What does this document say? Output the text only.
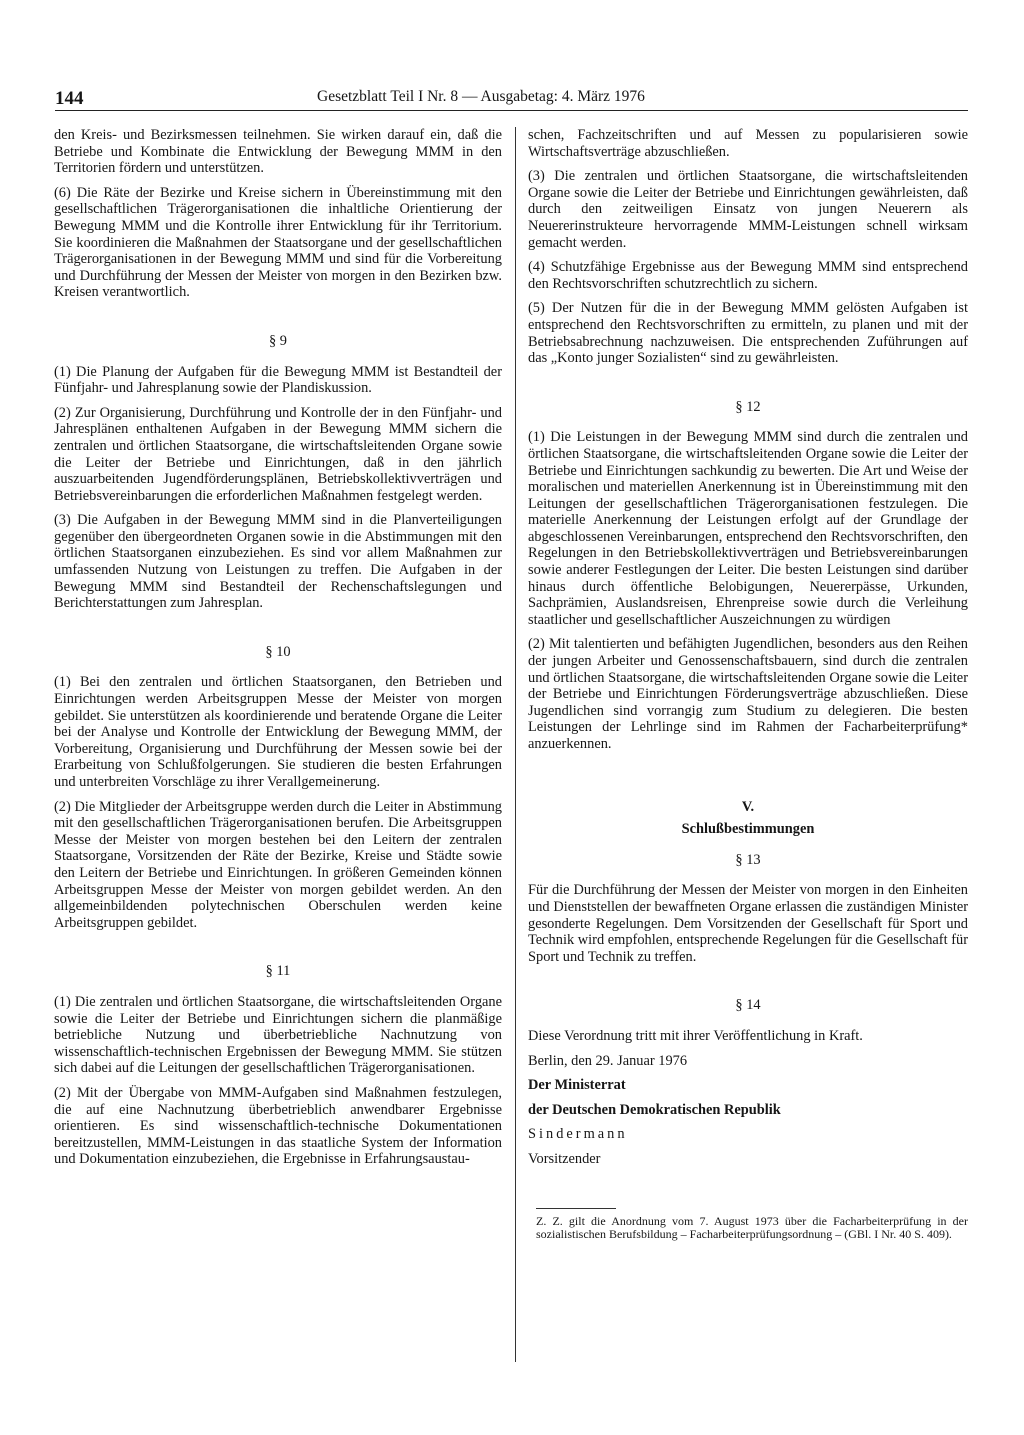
144	Gesetzblatt Teil I Nr. 8 — Ausgabetag: 4. März 1976

den Kreis- und Bezirksmessen teilnehmen. Sie wirken darauf ein, daß die Betriebe und Kombinate die Entwicklung der Bewegung MMM in den Territorien fördern und unterstützen.

(6) Die Räte der Bezirke und Kreise sichern in Übereinstimmung mit den gesellschaftlichen Trägerorganisationen die inhaltliche Orientierung der Bewegung MMM und die Kontrolle ihrer Entwicklung für ihr Territorium. Sie koordinieren die Maßnahmen der Staatsorgane und der gesellschaftlichen Trägerorganisationen in der Bewegung MMM und sind für die Vorbereitung und Durchführung der Messen der Meister von morgen in den Bezirken bzw. Kreisen verantwortlich.

§ 9

(1) Die Planung der Aufgaben für die Bewegung MMM ist Bestandteil der Fünfjahr- und Jahresplanung sowie der Plandiskussion.

(2) Zur Organisierung, Durchführung und Kontrolle der in den Fünfjahr- und Jahresplänen enthaltenen Aufgaben in der Bewegung MMM sichern die zentralen und örtlichen Staatsorgane, die wirtschaftsleitenden Organe sowie die Leiter der Betriebe und Einrichtungen, daß in den jährlich auszuarbeitenden Jugendförderungsplänen, Betriebskollektivverträgen und Betriebsvereinbarungen die erforderlichen Maßnahmen festgelegt werden.

(3) Die Aufgaben in der Bewegung MMM sind in die Planverteiligungen gegenüber den übergeordneten Organen sowie in die Abstimmungen mit den örtlichen Staatsorganen einzubeziehen. Es sind vor allem Maßnahmen zur umfassenden Nutzung von Leistungen zu treffen. Die Aufgaben in der Bewegung MMM sind Bestandteil der Rechenschaftslegungen und Berichterstattungen zum Jahresplan.

§ 10

(1) Bei den zentralen und örtlichen Staatsorganen, den Betrieben und Einrichtungen werden Arbeitsgruppen Messe der Meister von morgen gebildet. Sie unterstützen als koordinierende und beratende Organe die Leiter bei der Analyse und Kontrolle der Entwicklung der Bewegung MMM, der Vorbereitung, Organisierung und Durchführung der Messen sowie bei der Erarbeitung von Schlußfolgerungen. Sie studieren die besten Erfahrungen und unterbreiten Vorschläge zu ihrer Verallgemeinerung.

(2) Die Mitglieder der Arbeitsgruppe werden durch die Leiter in Abstimmung mit den gesellschaftlichen Trägerorganisationen berufen. Die Arbeitsgruppen Messe der Meister von morgen bestehen bei den Leitern der zentralen Staatsorgane, Vorsitzenden der Räte der Bezirke, Kreise und Städte sowie den Leitern der Betriebe und Einrichtungen. In größeren Gemeinden können Arbeitsgruppen Messe der Meister von morgen gebildet werden. An den allgemeinbildenden polytechnischen Oberschulen werden keine Arbeitsgruppen gebildet.

§ 11

(1) Die zentralen und örtlichen Staatsorgane, die wirtschaftsleitenden Organe sowie die Leiter der Betriebe und Einrichtungen sichern die planmäßige betriebliche Nutzung und überbetriebliche Nachnutzung von wissenschaftlich-technischen Ergebnissen der Bewegung MMM. Sie stützen sich dabei auf die Leitungen der gesellschaftlichen Trägerorganisationen.

(2) Mit der Übergabe von MMM-Aufgaben sind Maßnahmen festzulegen, die auf eine Nachnutzung überbetrieblich anwendbarer Ergebnisse orientieren. Es sind wissenschaftlich-technische Dokumentationen bereitzustellen, MMM-Leistungen in das staatliche System der Information und Dokumentation einzubeziehen, die Ergebnisse in Erfahrungsaustau-

schen, Fachzeitschriften und auf Messen zu popularisieren sowie Wirtschaftsverträge abzuschließen.

(3) Die zentralen und örtlichen Staatsorgane, die wirtschaftsleitenden Organe sowie die Leiter der Betriebe und Einrichtungen gewährleisten, daß durch den zeitweiligen Einsatz von jungen Neuerern als Neuererinstrukteure hervorragende MMM-Leistungen schnell wirksam gemacht werden.

(4) Schutzfähige Ergebnisse aus der Bewegung MMM sind entsprechend den Rechtsvorschriften schutzrechtlich zu sichern.

(5) Der Nutzen für die in der Bewegung MMM gelösten Aufgaben ist entsprechend den Rechtsvorschriften zu ermitteln, zu planen und mit der Betriebsabrechnung nachzuweisen. Die entsprechenden Zuführungen auf das „Konto junger Sozialisten“ sind zu gewährleisten.

§ 12

(1) Die Leistungen in der Bewegung MMM sind durch die zentralen und örtlichen Staatsorgane, die wirtschaftsleitenden Organe sowie die Leiter der Betriebe und Einrichtungen sachkundig zu bewerten. Die Art und Weise der moralischen und materiellen Anerkennung ist in Übereinstimmung mit den Leitungen der gesellschaftlichen Trägerorganisationen festzulegen. Die materielle Anerkennung der Leistungen erfolgt auf der Grundlage der abgeschlossenen Vereinbarungen, entsprechend den Rechtsvorschriften, den Regelungen in den Betriebskollektivverträgen und Betriebsvereinbarungen sowie anderer Festlegungen der Leiter. Die besten Leistungen sind darüber hinaus durch öffentliche Belobigungen, Neuererpässe, Urkunden, Sachprämien, Auslandsreisen, Ehrenpreise sowie durch die Verleihung staatlicher und gesellschaftlicher Auszeichnungen zu würdigen

(2) Mit talentierten und befähigten Jugendlichen, besonders aus den Reihen der jungen Arbeiter und Genossenschaftsbauern, sind durch die zentralen und örtlichen Staatsorgane, die wirtschaftsleitenden Organe sowie die Leiter der Betriebe und Einrichtungen Förderungsverträge abzuschließen. Diese Jugendlichen sind vorrangig zum Studium zu delegieren. Die besten Leistungen der Lehrlinge sind im Rahmen der Facharbeiterprüfung* anzuerkennen.

V.
Schlußbestimmungen
§ 13

Für die Durchführung der Messen der Meister von morgen in den Einheiten und Dienststellen der bewaffneten Organe erlassen die zuständigen Minister gesonderte Regelungen. Dem Vorsitzenden der Gesellschaft für Sport und Technik wird empfohlen, entsprechende Regelungen für die Gesellschaft für Sport und Technik zu treffen.

§ 14

Diese Verordnung tritt mit ihrer Veröffentlichung in Kraft.

Berlin, den 29. Januar 1976

Der Ministerrat

der Deutschen Demokratischen Republik

Sindermann

Vorsitzender

Z. Z. gilt die Anordnung vom 7. August 1973 über die Facharbeiterprüfung in der sozialistischen Berufsbildung – Facharbeiterprüfungsordnung – (GBl. I Nr. 40 S. 409).
